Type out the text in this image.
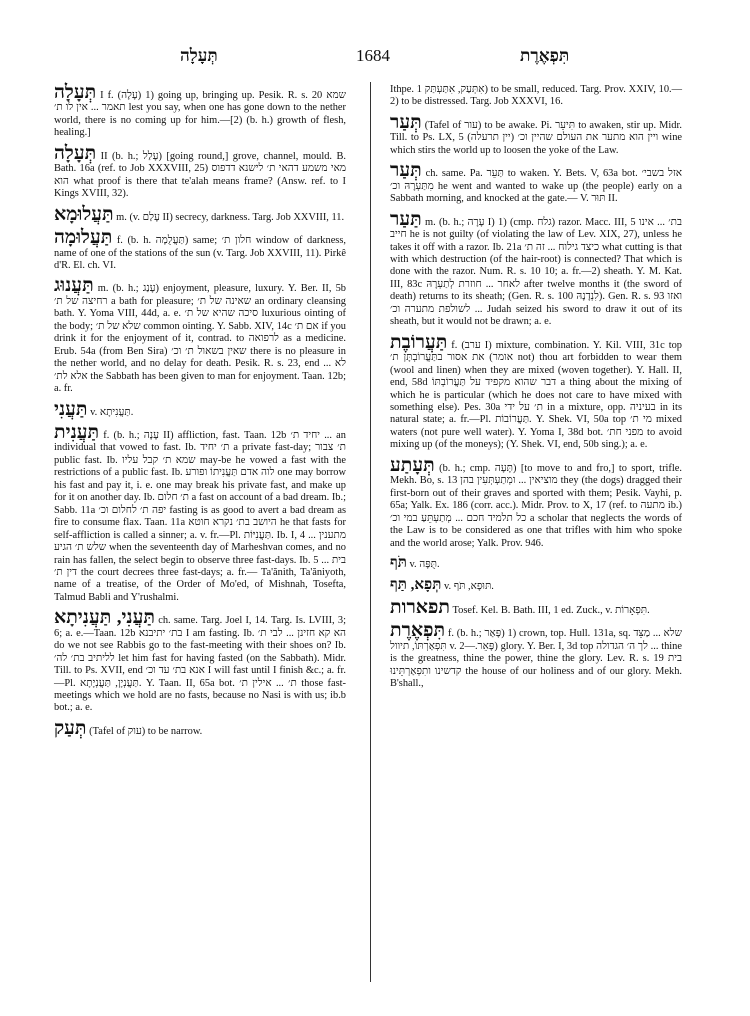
תְּעָלָה	1684	תִּפְאֶרֶת

תְּעָלָה I f. (עָלָה) 1) going up, bringing up. Pesik. R. s. 20 שמא תאמר ... אין לו ת׳ lest you say, when one has gone down to the nether world, there is no coming up for him.—[2) (b. h.) growth of flesh, healing.]

תְּעָלָה II (b. h.; עָלַל) [going round,] grove, channel, mould. B. Bath. 16a (ref. to Job XXXVIII, 25) מאי משמע דהאי ת׳ לישנא דדפוס הוא what proof is there that te'alah means frame? (Answ. ref. to I Kings XVIII, 32).

תַּעֲלוּמָא m. (v. עָלַם II) secrecy, darkness. Targ. Job XXVIII, 11.

תַּעֲלוּמָה f. (b. h. תַּעֲלֻמָה) same; חלון ת׳ window of darkness, name of one of the stations of the sun (v. Targ. Job XXVIII, 11). Pirkê d'R. El. ch. VI.

תַּעֲנוּג m. (b. h.; עָנַג) enjoyment, pleasure, luxury. Y. Ber. II, 5b רחיצה של ת׳ a bath for pleasure; שאינה של ת׳ an ordinary cleansing bath. Y. Yoma VIII, 44d, a. e. סיכה שהיא של ת׳ luxurious ointing of the body; שלא של ת׳ common ointing. Y. Sabb. XIV, 14c אם ת׳ if you drink it for the enjoyment of it, contrad. to לרפואה as a medicine. Erub. 54a (from Ben Sira) שאין בשאול ת׳ וכ׳ there is no pleasure in the nether world, and no delay for death. Pesik. R. s. 23, end לא ... אלא לת׳ the Sabbath has been given to man for enjoyment. Taan. 12b; a. fr.

תַּעֲנִי v. תַּעֲנִיתָא.

תַּעֲנִית f. (b. h.; עָנָה II) affliction, fast. Taan. 12b יחיד ת׳ ... an individual that vowed to fast. Ib. ת׳ יחיד a private fast-day; ת׳ צבור public fast. Ib. שמא ת׳ קבל עליו may-be he vowed a fast with the restrictions of a public fast. Ib. לוה אדם תַּעֲנִיתוֹ ופורע one may borrow his fast and pay it, i. e. one may break his private fast, and make up for it on another day. Ib. ת׳ חלום a fast on account of a bad dream. Ib.; Sabb. 11a יפה ת׳ לחלום וכ׳ fasting is as good to avert a bad dream as fire to consume flax. Taan. 11a היושב בת׳ נקרא חוטא he that fasts for self-affliction is called a sinner; a. v. fr.—Pl. תַּעֲנִיּוֹת. Ib. I, 4 ... מתענין שלש ת׳ הגיע when the seventeenth day of Marheshvan comes, and no rain has fallen, the select begin to observe three fast-days. Ib. 5 ... בית דין ת׳ the court decrees three fast-days; a. fr.— Ta'ănith, Ta'ăniyoth, name of a treatise, of the Order of Mo'ed, of Mishnah, Tosefta, Talmud Babli and Y'rushalmi.

תַּעֲנִי, תַּעֲנִיתָא ch. same. Targ. Joel I, 14. Targ. Is. LVIII, 3; 6; a. e.—Taan. 12b בת׳ יתיבנא I am fasting. Ib. הא קא חזינן ... לבי ת׳ do we not see Rabbis go to the fast-meeting with their shoes on? Ib. לליתיב בת׳ לה׳ let him fast for having fasted (on the Sabbath). Midr. Till. to Ps. XVII, end אנא בת׳ עד וכ׳ I will fast until I finish &c.; a. fr.—Pl. תַּעֲנְיָן, תַּעֲנְיָתָא. Y. Taan. II, 65a bot. ת׳ ... אילין ת׳ those fast-meetings which we hold are no fasts, because no Nasi is with us; ib.b bot.; a. e.

תְּעַק (Tafel of עוק) to be narrow.

Ithpe. אִתְּעַק, אִתַּעְתַּק 1) to be small, reduced. Targ. Prov. XXIV, 10.—2) to be distressed. Targ. Job XXXVI, 16.

תְּעַר (Tafel of עור) to be awake. Pi. תִּיעֵר to awaken, stir up. Midr. Till. to Ps. LX, 5 ויין הוא מתער את העולם שהיין וכ׳ (יין תרעלה) wine which stirs the world up to loosen the yoke of the Law.

תְּעַר ch. same. Pa. תַּעֵר to waken. Y. Bets. V, 63a bot. אזל בשבי׳ מִתַּעְרָהּ וכ׳ he went and wanted to wake up (the people) early on a Sabbath morning, and knocked at the gate.— V. תּוּר II.

תַּעַר m. (b. h.; עָרָה I) 1) (cmp. גלח) razor. Macc. III, 5 בת׳ ... אינו חייב he is not guilty (of violating the law of Lev. XIX, 27), unless he takes it off with a razor. Ib. 21a כיצד גילוח ... זה ת׳ what cutting is that with which destruction (of the hair-root) is connected? That which is done with the razor. Num. R. s. 10 10; a. fr.—2) sheath. Y. M. Kat. III, 83c לאחר ... חוזרת לְתַעְרָהּ after twelve months it (the sword of death) returns to its sheath; (Gen. R. s. 100 לִנְדָנָהּ). Gen. R. s. 93 ואזו ... לשולפת מתערה וכ׳ Judah seized his sword to draw it out of its sheath, but it would not be drawn; a. e.

תַּעֲרוֹבֶת f. (ערב I) mixture, combination. Y. Kil. VIII, 31c top את אסור בתַּעֲרוֹבְתָּן ת׳ (אומר not) thou art forbidden to wear them (wool and linen) when they are mixed (woven together). Y. Hall. II, end, 58d דבר שהוא מקפיד על תַּעֲרוֹבְתּוֹ a thing about the mixing of which he is particular (which he does not care to have mixed with something else). Pes. 30a ת׳ על ידי in a mixture, opp. בעיניה in its natural state; a. fr.—Pl. תַּעֲרוֹבוֹת. Y. Shek. VI, 50a top מי ת׳ mixed waters (not pure well water). Y. Yoma I, 38d bot. מפני חת׳ to avoid mixing up (of the moneys); (Y. Shek. VI, end, 50b sing.); a. e.

תְּעָתַע (b. h.; cmp. תָּעָה) [to move to and fro,] to sport, trifle. Mekh. Bo, s. 13 מוציאין ... ומְתַעְתְּעִין בהן they (the dogs) dragged their first-born out of their graves and sported with them; Pesik. Vayhi, p. 65a; Yalk. Ex. 186 (corr. acc.). Midr. Prov. to X, 17 (ref. to מתעה ib.) כל תלמיד חכם ... מְתַעְתֵּעַ במי וכ׳ a scholar that neglects the words of the Law is to be considered as one that trifles with him who spoke and the world arose; Yalk. Prov. 946.

תֹּף v. תֻּפָּה.

תְּפָא, תַּף v. תּוּפָא, תֹּף.

תפארות Tosef. Kel. B. Bath. III, 1 ed. Zuck., v. תִּפְאָרוֹת.

תִּפְאֶרֶת f. (b. h.; פָּאַר) 1) crown, top. Hull. 131a, sq. שלא ... מַצֵּד תִּפְאַרְתּוֹ, תיוול v. פָּאֵר.—2) glory. Y. Ber. I, 3d top לך ה׳ הגדולה ... thine is the greatness, thine the power, thine the glory. Lev. R. s. 19 בית קדשינו ותִפְאַרְתֵּינוּ the house of our holiness and of our glory. Mekh. B'shall.,
